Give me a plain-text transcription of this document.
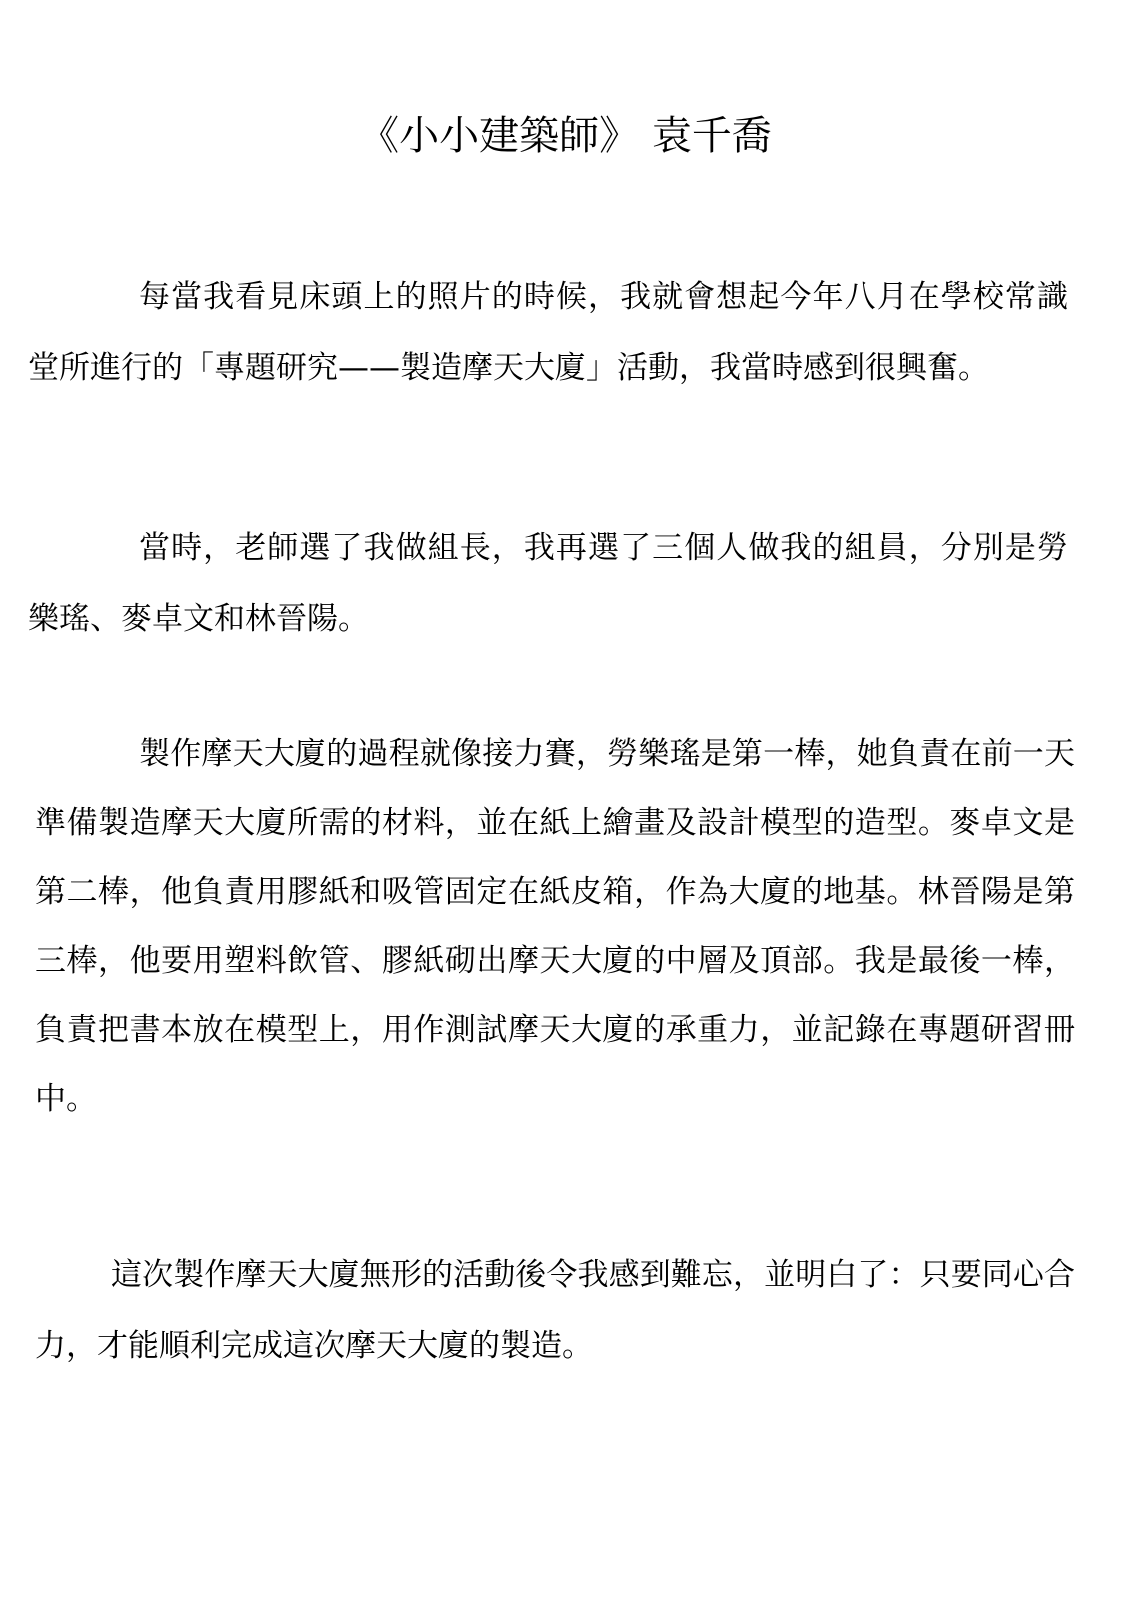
《小小建築師》 袁千喬

每當我看見床頭上的照片的時候，我就會想起今年八月在學校常識堂所進行的「專題研究——製造摩天大廈」活動，我當時感到很興奮。

當時，老師選了我做組長，我再選了三個人做我的組員，分別是勞樂瑤、麥卓文和林晉陽。

製作摩天大廈的過程就像接力賽，勞樂瑤是第一棒，她負責在前一天準備製造摩天大廈所需的材料，並在紙上繪畫及設計模型的造型。麥卓文是第二棒，他負責用膠紙和吸管固定在紙皮箱，作為大廈的地基。林晉陽是第三棒，他要用塑料飲管、膠紙砌出摩天大廈的中層及頂部。我是最後一棒，負責把書本放在模型上，用作測試摩天大廈的承重力，並記錄在專題研習冊中。

這次製作摩天大廈無形的活動後令我感到難忘，並明白了：只要同心合力，才能順利完成這次摩天大廈的製造。
